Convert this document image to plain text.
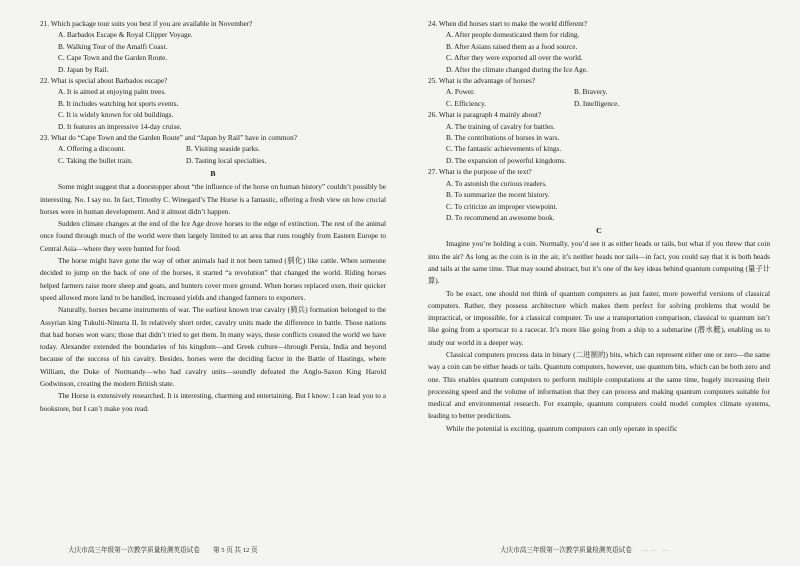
21. Which package tour suits you best if you are available in November?

A. Barbados Escape & Royal Clipper Voyage.

B. Walking Tour of the Amalfi Coast.

C. Cape Town and the Garden Route.

D. Japan by Rail.

22. What is special about Barbados escape?

A. It is aimed at enjoying palm trees.

B. It includes watching hot sports events.

C. It is widely known for old buildings.

D. It features an impressive 14-day cruise.

23. What do “Cape Town and the Garden Route” and “Japan by Rail” have in common?

A. Offering a discount.	B. Visiting seaside parks.
C. Taking the bullet train.	D. Tasting local specialties.
B

Some might suggest that a doorstopper about “the influence of the horse on human history” couldn’t possibly be interesting. No. I say no. In fact, Timothy C. Winegard’s The Horse is a fantastic, offering a fresh view on how crucial horses were in human development. And it almost didn’t happen.

Sudden climate changes at the end of the Ice Age drove horses to the edge of extinction. The rest of the animal once found through much of the world were then largely limited to an area that runs roughly from Eastern Europe to Central Asia—where they were hunted for food.

The horse might have gone the way of other animals had it not been tamed (驯化) like cattle. When someone decided to jump on the back of one of the horses, it started “a revolution” that changed the world. Riding horses helped farmers raise more sheep and goats, and hunters cover more ground. When horses replaced oxen, their quicker speed allowed more land to be handled, increased yields and changed farmers to exporters.

Naturally, horses became instruments of war. The earliest known true cavalry (骑兵) formation belonged to the Assyrian king Tukulti-Ninurta II. In relatively short order, cavalry units made the difference in battle. Those nations that had horses won wars; those that didn’t tried to get them. In many ways, these conflicts created the world we have today. Alexander extended the boundaries of his kingdom—and Greek culture—through Persia, India and beyond because of the success of his cavalry. Besides, horses were the deciding factor in the Battle of Hastings, where William, the Duke of Normandy—who had cavalry units—soundly defeated the Anglo-Saxon King Harold Godwinson, creating the modern British state.

The Horse is extensively researched. It is interesting, charming and entertaining. But I know: I can lead you to a bookstore, but I can’t make you read.

大庆市高三年级第一次教学质量检测英语试卷　　第 5 页 共 12 页

24. When did horses start to make the world different?

A. After people domesticated them for riding.

B. After Asians raised them as a food source.

C. After they were exported all over the world.

D. After the climate changed during the Ice Age.

25. What is the advantage of horses?

A. Power.	B. Bravery.
C. Efficiency.	D. Intelligence.

26. What is paragraph 4 mainly about?

A. The training of cavalry for battles.

B. The contributions of horses in wars.

C. The fantastic achievements of kings.

D. The expansion of powerful kingdoms.

27. What is the purpose of the text?

A. To astonish the curious readers.

B. To summarize the recent history.

C. To criticize an improper viewpoint.

D. To recommend an awesome book.

C

Imagine you’re holding a coin. Normally, you’d see it as either heads or tails, but what if you threw that coin into the air? As long as the coin is in the air, it’s neither heads nor tails—in fact, you could say that it is both heads and tails at the same time. That may sound abstract, but it’s one of the key ideas behind quantum computing (量子计算).

To be exact, one should not think of quantum computers as just faster, more powerful versions of classical computers. Rather, they possess architecture which makes them perfect for solving problems that would be impractical, or impossible, for a classical computer. To use a transportation comparison, classical to quantum isn’t like going from a sportscar to a racecar. It’s more like going from a ship to a submarine (潜水艇), enabling us to study our world in a deeper way.

Classical computers process data in binary (二进制的) bits, which can represent either one or zero—the same way a coin can be either heads or tails. Quantum computers, however, use quantum bits, which can be both zero and one. This enables quantum computers to perform multiple computations at the same time, hugely increasing their processing speed and the volume of information that they can process and making quantum computers suitable for medical and environmental research. For example, quantum computers could model complex climate systems, leading to better predictions.

While the potential is exciting, quantum computers can only operate in specific

大庆市高三年级第一次教学质量检测英语试卷 · —— — ·
